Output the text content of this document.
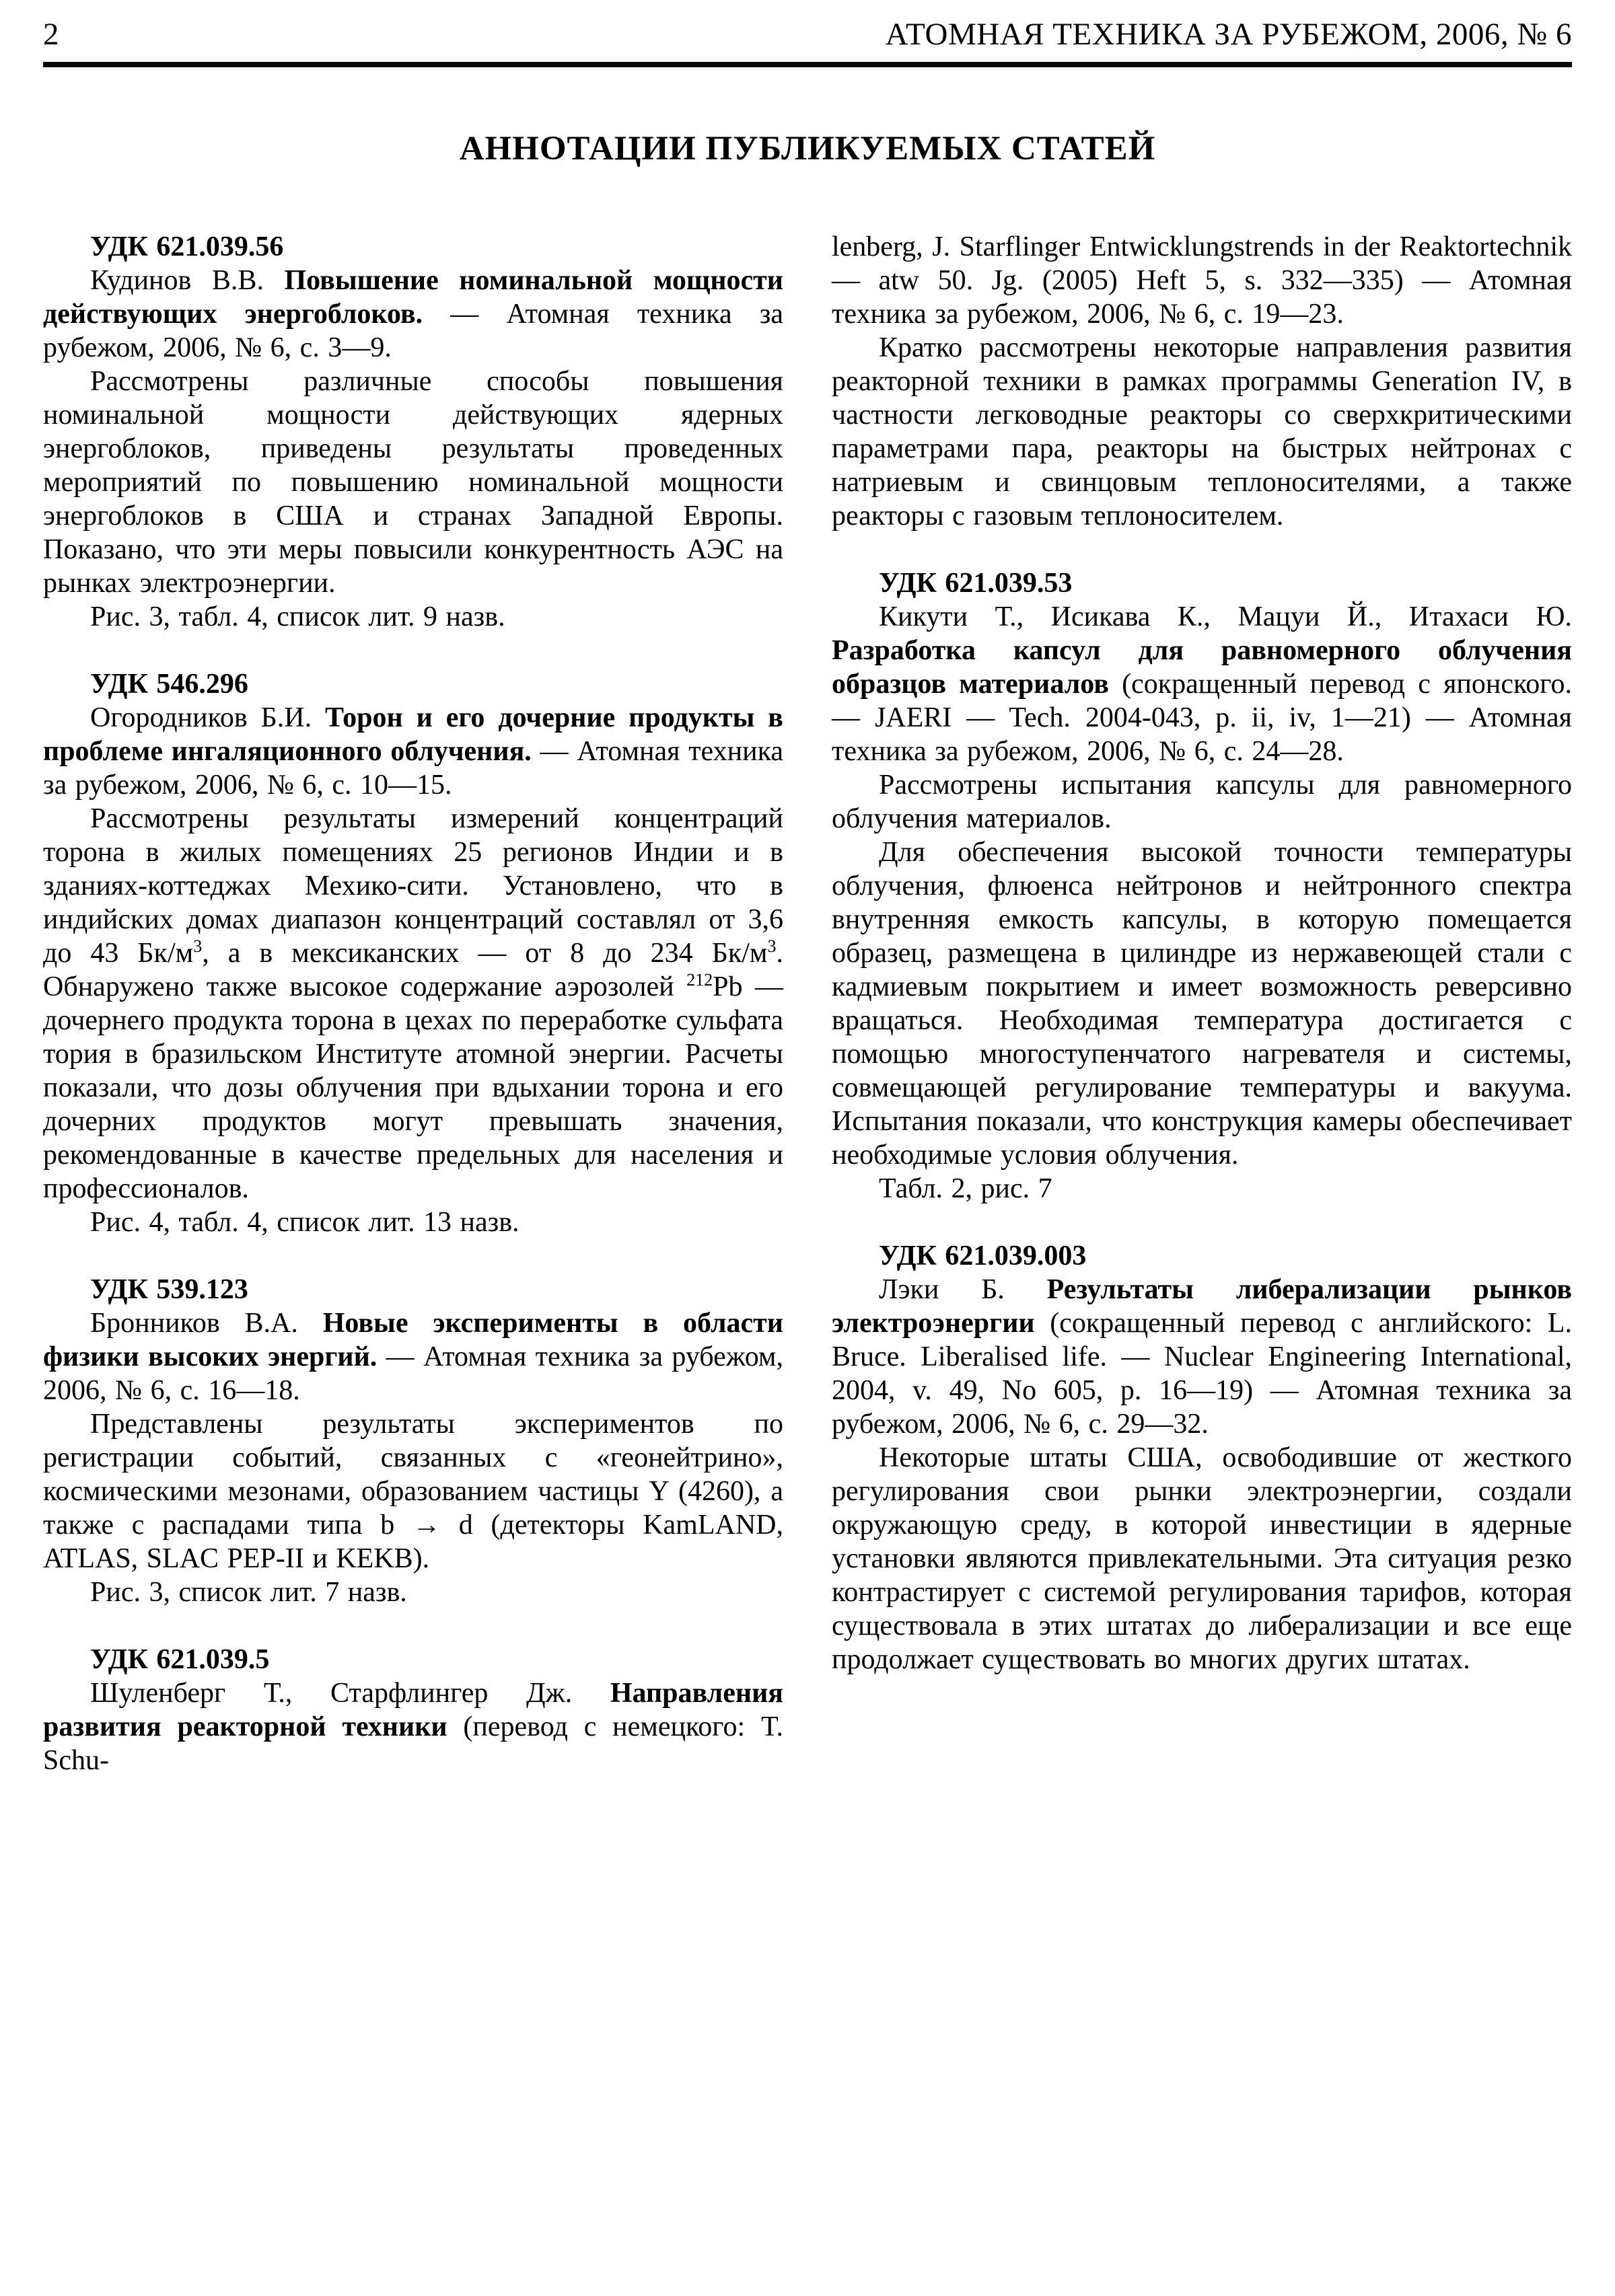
2	АТОМНАЯ ТЕХНИКА ЗА РУБЕЖОМ, 2006, № 6
АННОТАЦИИ ПУБЛИКУЕМЫХ СТАТЕЙ

УДК 621.039.56

Кудинов В.В. Повышение номинальной мощности действующих энергоблоков. — Атомная техника за рубежом, 2006, № 6, с. 3—9.

Рассмотрены различные способы повышения номинальной мощности действующих ядерных энергоблоков, приведены результаты проведенных мероприятий по повышению номинальной мощности энергоблоков в США и странах Западной Европы. Показано, что эти меры повысили конкурентность АЭС на рынках электроэнергии.

Рис. 3, табл. 4, список лит. 9 назв.

УДК 546.296

Огородников Б.И. Торон и его дочерние продукты в проблеме ингаляционного облучения. — Атомная техника за рубежом, 2006, № 6, с. 10—15.

Рассмотрены результаты измерений концентраций торона в жилых помещениях 25 регионов Индии и в зданиях-коттеджах Мехико-сити. Установлено, что в индийских домах диапазон концентраций составлял от 3,6 до 43 $Бк/м^3$, а в мексиканских — от 8 до 234 $Бк/м^3$. Обнаружено также высокое содержание аэрозолей $^{212}$Pb — дочернего продукта торона в цехах по переработке сульфата тория в бразильском Институте атомной энергии. Расчеты показали, что дозы облучения при вдыхании торона и его дочерних продуктов могут превышать значения, рекомендованные в качестве предельных для населения и профессионалов.

Рис. 4, табл. 4, список лит. 13 назв.

УДК 539.123

Бронников В.А. Новые эксперименты в области физики высоких энергий. — Атомная техника за рубежом, 2006, № 6, с. 16—18.

Представлены результаты экспериментов по регистрации событий, связанных с «геонейтрино», космическими мезонами, образованием частицы Y (4260), а также с распадами типа b → d (детекторы KamLAND, ATLAS, SLAC PEP-II и KEKB).

Рис. 3, список лит. 7 назв.

УДК 621.039.5

Шуленберг Т., Старфлингер Дж. Направления развития реакторной техники (перевод с немецкого: T. Schu-

lenberg, J. Starflinger Entwicklungstrends in der Reaktortechnik — atw 50. Jg. (2005) Heft 5, s. 332—335) — Атомная техника за рубежом, 2006, № 6, с. 19—23.

Кратко рассмотрены некоторые направления развития реакторной техники в рамках программы Generation IV, в частности легководные реакторы со сверхкритическими параметрами пара, реакторы на быстрых нейтронах с натриевым и свинцовым теплоносителями, а также реакторы с газовым теплоносителем.

УДК 621.039.53

Кикути Т., Исикава К., Мацуи Й., Итахаси Ю. Разработка капсул для равномерного облучения образцов материалов (сокращенный перевод с японского. — JAERI — Tech. 2004-043, p. ii, iv, 1—21) — Атомная техника за рубежом, 2006, № 6, с. 24—28.

Рассмотрены испытания капсулы для равномерного облучения материалов.

Для обеспечения высокой точности температуры облучения, флюенса нейтронов и нейтронного спектра внутренняя емкость капсулы, в которую помещается образец, размещена в цилиндре из нержавеющей стали с кадмиевым покрытием и имеет возможность реверсивно вращаться. Необходимая температура достигается с помощью многоступенчатого нагревателя и системы, совмещающей регулирование температуры и вакуума. Испытания показали, что конструкция камеры обеспечивает необходимые условия облучения.

Табл. 2, рис. 7

УДК 621.039.003

Лэки Б. Результаты либерализации рынков электроэнергии (сокращенный перевод с английского: L. Bruce. Liberalised life. — Nuclear Engineering International, 2004, v. 49, No 605, p. 16—19) — Атомная техника за рубежом, 2006, № 6, с. 29—32.

Некоторые штаты США, освободившие от жесткого регулирования свои рынки электроэнергии, создали окружающую среду, в которой инвестиции в ядерные установки являются привлекательными. Эта ситуация резко контрастирует с системой регулирования тарифов, которая существовала в этих штатах до либерализации и все еще продолжает существовать во многих других штатах.
